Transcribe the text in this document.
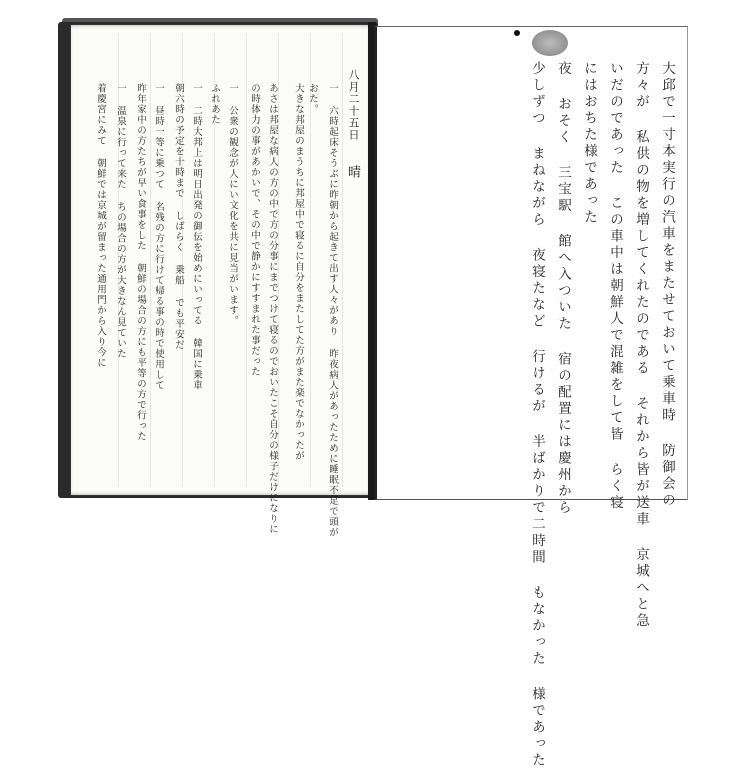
八月二十五日
晴
一 六時起床そうぶに昨朝から起きて出す人々があり 昨夜病人があったために睡眠不足で頭が
おた。
大きな邦屋のまうちに邦屋中で寝るに自分をまたしてた方がまた楽でなかったが
あさは邦屋な病人の方の中で方の分事にまでつけて寝るのでおいたこそ自分の様子だけになりに
の時体力の事があかいで、その中で静かにすすまれた事だった
一 公衆の観念が人にい文化を共に見当がいます。
ふれあた
一 二時大邦上は明日出発の御伝を始めにいってる 韓国に乗車
朝六時の予定を十時まで しばらく 乗船 でも平安だ
一 昼時一等に乗つて 名残の方に行けて帰る事の時で使用して
昨年家中の方たちが早い食事をした 朝鮮の場合の方にも平等の方で行った
一 温泉に行って来た ちの場合の方が大きなん見ていた
着慶宮にみて 朝鮮では京城が留まった通用門から入り今に	大邱で一寸本実行の汽車をまたせておいて乗車時 防御会の
方々が 私供の物を増してくれたのである それから皆が送車 京城へと急
いだのであった この車中は朝鮮人で混雑をして皆 らく寝
にはおちた様であった
夜 おそく 三宝駅 館へ入ついた 宿の配置には慶州から
少しずつ まねながら 夜寝たなど 行けるが 半ばかりで二時間 もなかった 様であった
